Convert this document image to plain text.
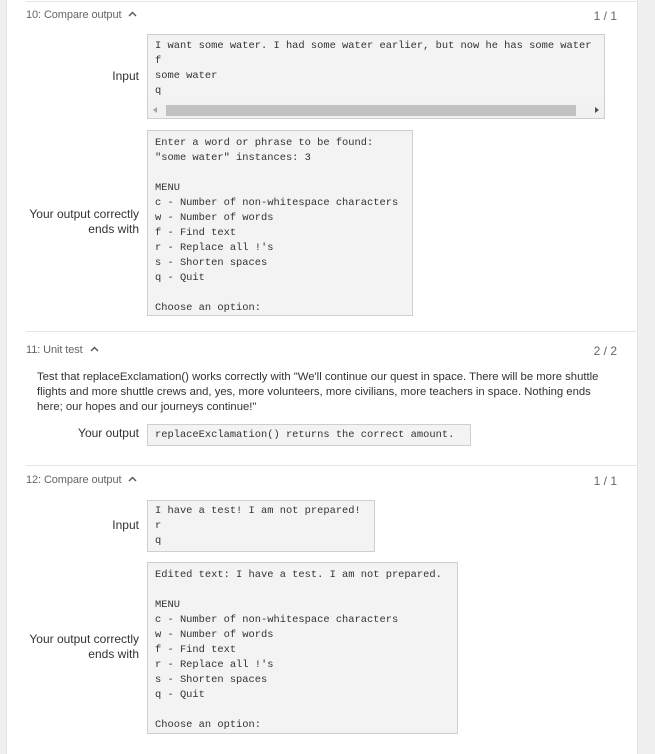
10: Compare output	1 / 1
Input
I want some water. I had some water earlier, but now he has some water
f
some water
q
Your output correctly ends with
Enter a word or phrase to be found:
"some water" instances: 3

MENU
c - Number of non-whitespace characters
w - Number of words
f - Find text
r - Replace all !'s
s - Shorten spaces
q - Quit

Choose an option:
11: Unit test	2 / 2
Test that replaceExclamation() works correctly with "We'll continue our quest in space. There will be more shuttle flights and more shuttle crews and, yes, more volunteers, more civilians, more teachers in space. Nothing ends here; our hopes and our journeys continue!"
Your output	replaceExclamation() returns the correct amount.
12: Compare output	1 / 1
Input
I have a test! I am not prepared!
r
q
Your output correctly ends with
Edited text: I have a test. I am not prepared.

MENU
c - Number of non-whitespace characters
w - Number of words
f - Find text
r - Replace all !'s
s - Shorten spaces
q - Quit

Choose an option:
